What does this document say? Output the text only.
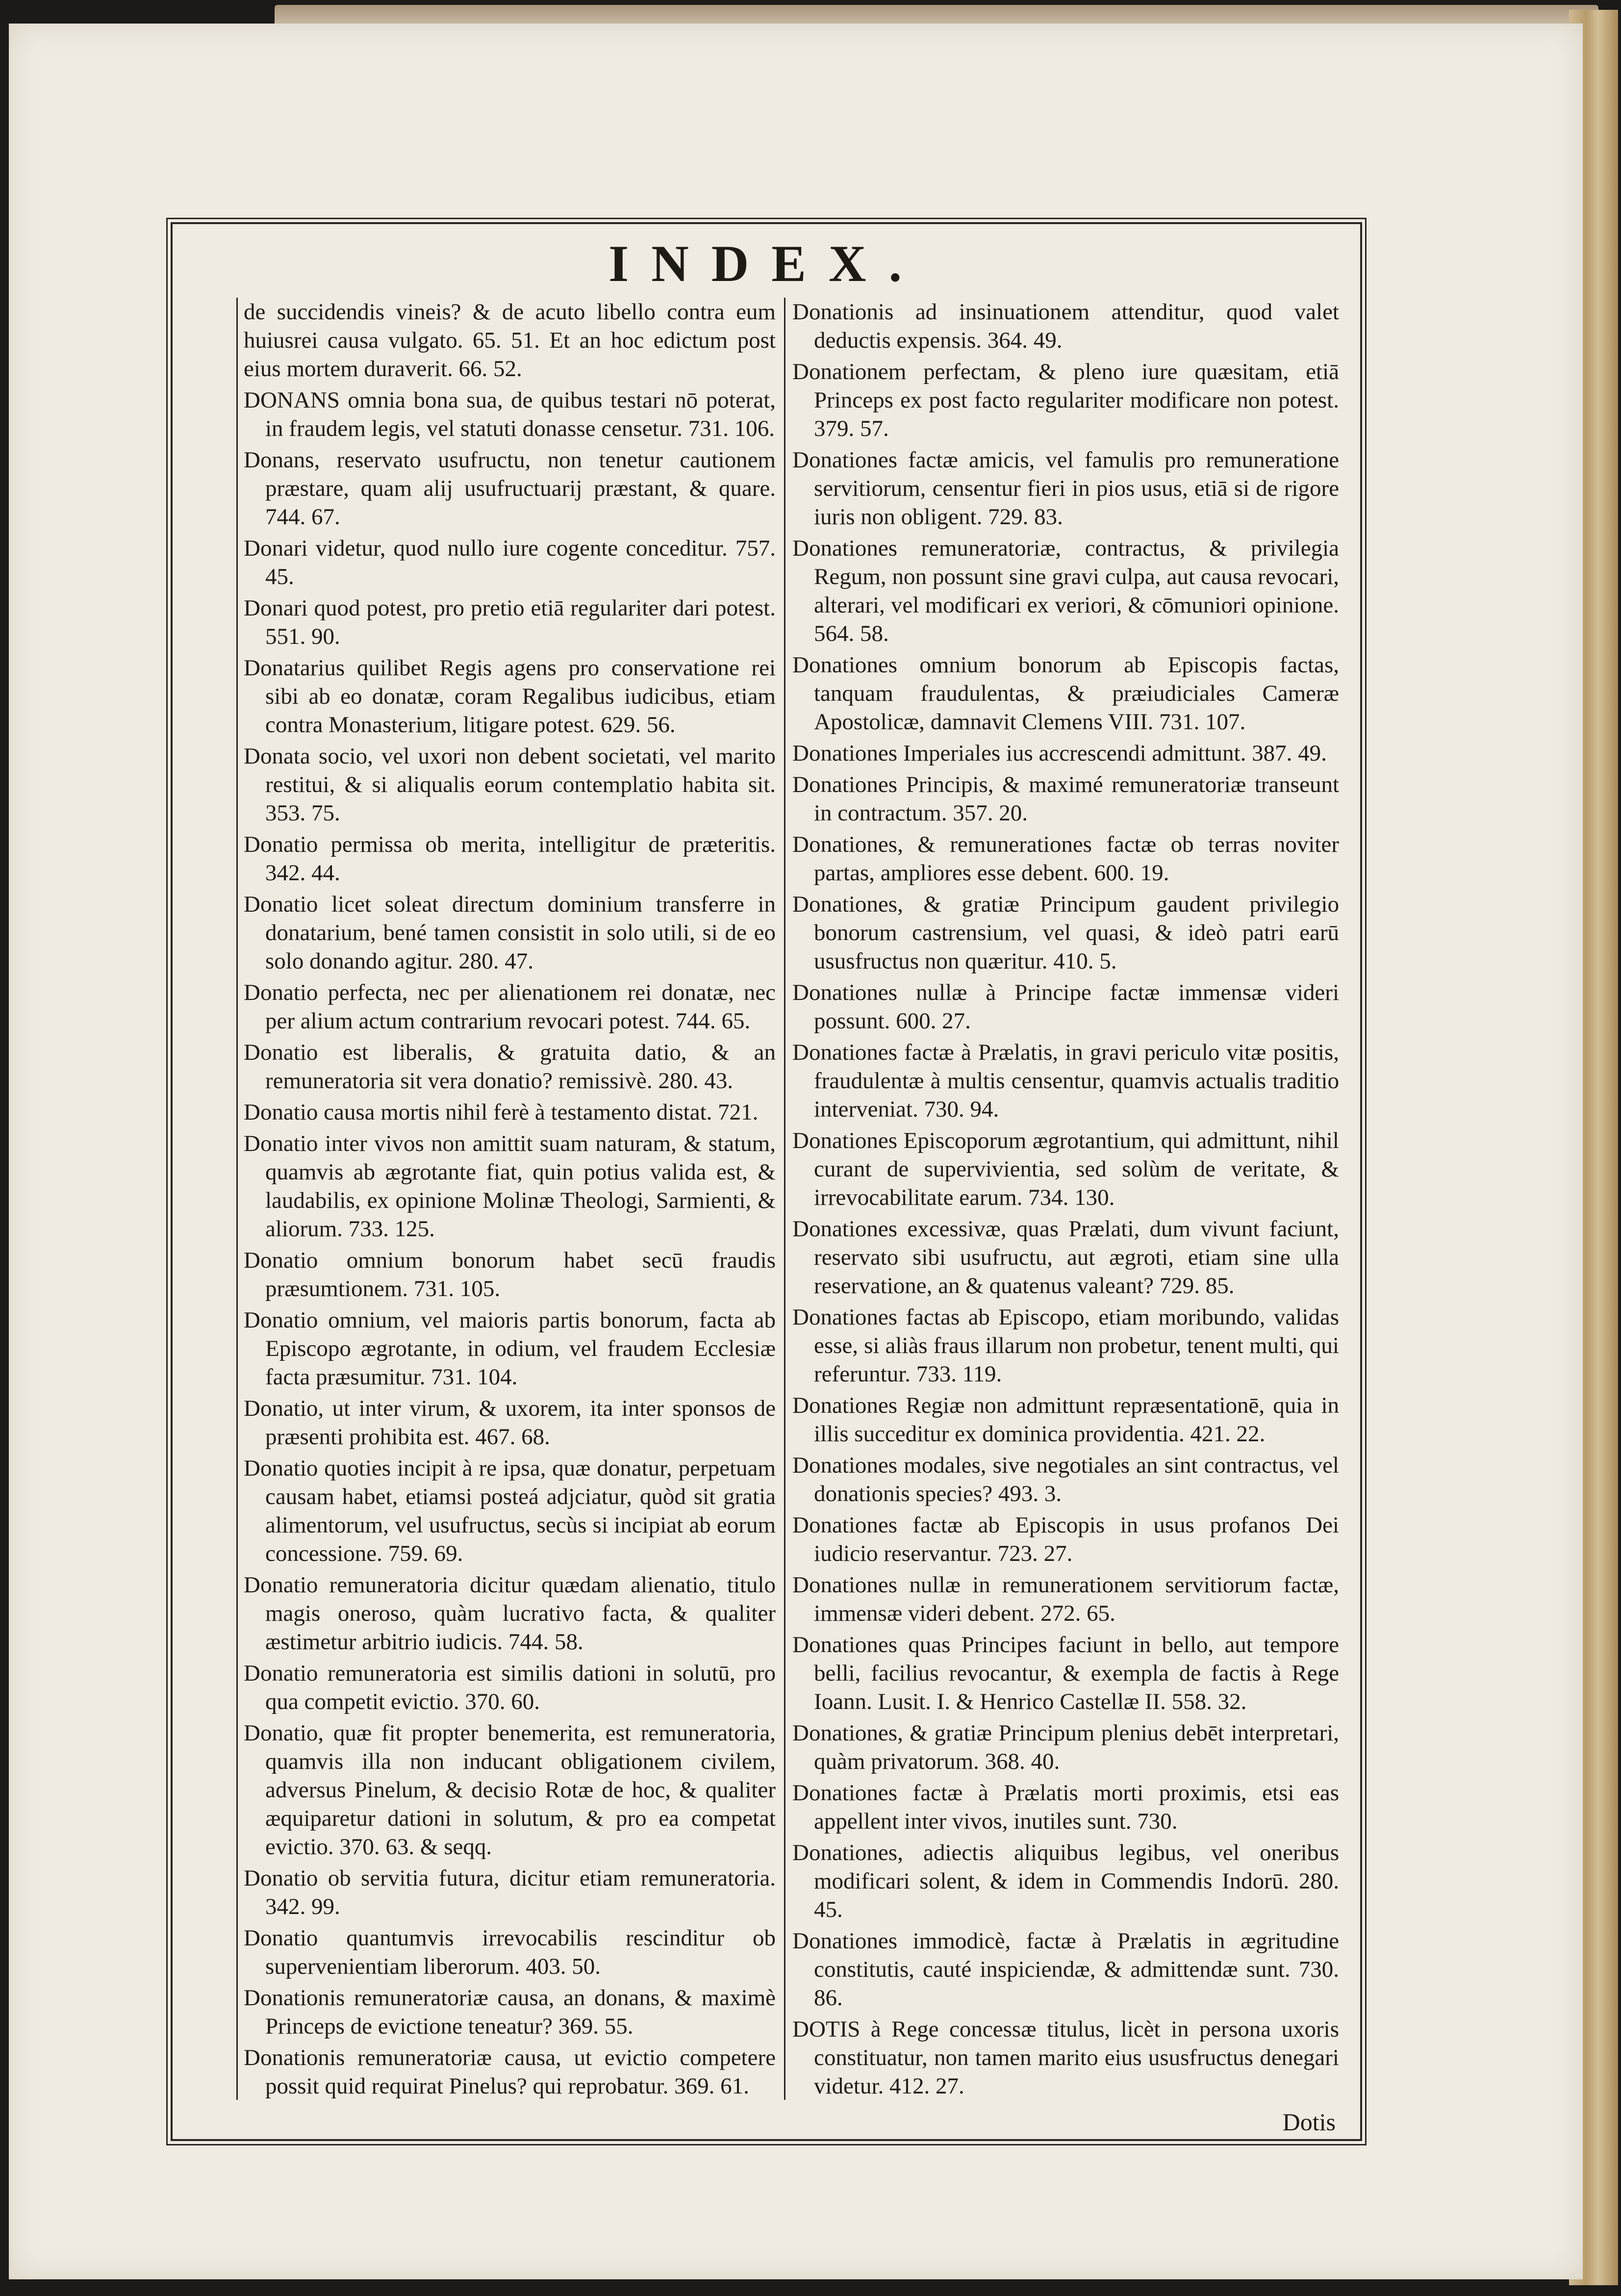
INDEX.
de succidendis vineis? & de acuto libello contra eum huiusrei causa vulgato. 65. 51. Et an hoc edictum post eius mortem duraverit. 66. 52.
DONANS omnia bona sua, de quibus testari nō poterat, in fraudem legis, vel statuti donasse censetur. 731. 106.
Donans, reservato usufructu, non tenetur cautionem præstare, quam alij usufructuarij præstant, & quare. 744. 67.
Donari videtur, quod nullo iure cogente conceditur. 757. 45.
Donari quod potest, pro pretio etiā regulariter dari potest. 551. 90.
Donatarius quilibet Regis agens pro conservatione rei sibi ab eo donatæ, coram Regalibus iudicibus, etiam contra Monasterium, litigare potest. 629. 56.
Donata socio, vel uxori non debent societati, vel marito restitui, & si aliqualis eorum contemplatio habita sit. 353. 75.
Donatio permissa ob merita, intelligitur de præteritis. 342. 44.
Donatio licet soleat directum dominium transferre in donatarium, bené tamen consistit in solo utili, si de eo solo donando agitur. 280. 47.
Donatio perfecta, nec per alienationem rei donatæ, nec per alium actum contrarium revocari potest. 744. 65.
Donatio est liberalis, & gratuita datio, & an remuneratoria sit vera donatio? remissivè. 280. 43.
Donatio causa mortis nihil ferè à testamento distat. 721.
Donatio inter vivos non amittit suam naturam, & statum, quamvis ab ægrotante fiat, quin potius valida est, & laudabilis, ex opinione Molinæ Theologi, Sarmienti, & aliorum. 733. 125.
Donatio omnium bonorum habet secū fraudis præsumtionem. 731. 105.
Donatio omnium, vel maioris partis bonorum, facta ab Episcopo ægrotante, in odium, vel fraudem Ecclesiæ facta præsumitur. 731. 104.
Donatio, ut inter virum, & uxorem, ita inter sponsos de præsenti prohibita est. 467. 68.
Donatio quoties incipit à re ipsa, quæ donatur, perpetuam causam habet, etiamsi posteá adjciatur, quòd sit gratia alimentorum, vel usufructus, secùs si incipiat ab eorum concessione. 759. 69.
Donatio remuneratoria dicitur quædam alienatio, titulo magis oneroso, quàm lucrativo facta, & qualiter æstimetur arbitrio iudicis. 744. 58.
Donatio remuneratoria est similis dationi in solutū, pro qua competit evictio. 370. 60.
Donatio, quæ fit propter benemerita, est remuneratoria, quamvis illa non inducant obligationem civilem, adversus Pinelum, & decisio Rotæ de hoc, & qualiter æquiparetur dationi in solutum, & pro ea competat evictio. 370. 63. & seqq.
Donatio ob servitia futura, dicitur etiam remuneratoria. 342. 99.
Donatio quantumvis irrevocabilis rescinditur ob supervenientiam liberorum. 403. 50.
Donationis remuneratoriæ causa, an donans, & maximè Princeps de evictione teneatur? 369. 55.
Donationis remuneratoriæ causa, ut evictio competere possit quid requirat Pinelus? qui reprobatur. 369. 61.
Donationis ad insinuationem attenditur, quod valet deductis expensis. 364. 49.
Donationem perfectam, & pleno iure quæsitam, etiā Princeps ex post facto regulariter modificare non potest. 379. 57.
Donationes factæ amicis, vel famulis pro remuneratione servitiorum, censentur fieri in pios usus, etiā si de rigore iuris non obligent. 729. 83.
Donationes remuneratoriæ, contractus, & privilegia Regum, non possunt sine gravi culpa, aut causa revocari, alterari, vel modificari ex veriori, & cōmuniori opinione. 564. 58.
Donationes omnium bonorum ab Episcopis factas, tanquam fraudulentas, & præiudiciales Cameræ Apostolicæ, damnavit Clemens VIII. 731. 107.
Donationes Imperiales ius accrescendi admittunt. 387. 49.
Donationes Principis, & maximé remuneratoriæ transeunt in contractum. 357. 20.
Donationes, & remunerationes factæ ob terras noviter partas, ampliores esse debent. 600. 19.
Donationes, & gratiæ Principum gaudent privilegio bonorum castrensium, vel quasi, & ideò patri earū ususfructus non quæritur. 410. 5.
Donationes nullæ à Principe factæ immensæ videri possunt. 600. 27.
Donationes factæ à Prælatis, in gravi periculo vitæ positis, fraudulentæ à multis censentur, quamvis actualis traditio interveniat. 730. 94.
Donationes Episcoporum ægrotantium, qui admittunt, nihil curant de supervivientia, sed solùm de veritate, & irrevocabilitate earum. 734. 130.
Donationes excessivæ, quas Prælati, dum vivunt faciunt, reservato sibi usufructu, aut ægroti, etiam sine ulla reservatione, an & quatenus valeant? 729. 85.
Donationes factas ab Episcopo, etiam moribundo, validas esse, si aliàs fraus illarum non probetur, tenent multi, qui referuntur. 733. 119.
Donationes Regiæ non admittunt repræsentationē, quia in illis succeditur ex dominica providentia. 421. 22.
Donationes modales, sive negotiales an sint contractus, vel donationis species? 493. 3.
Donationes factæ ab Episcopis in usus profanos Dei iudicio reservantur. 723. 27.
Donationes nullæ in remunerationem servitiorum factæ, immensæ videri debent. 272. 65.
Donationes quas Principes faciunt in bello, aut tempore belli, facilius revocantur, & exempla de factis à Rege Ioann. Lusit. I. & Henrico Castellæ II. 558. 32.
Donationes, & gratiæ Principum plenius debēt interpretari, quàm privatorum. 368. 40.
Donationes factæ à Prælatis morti proximis, etsi eas appellent inter vivos, inutiles sunt. 730.
Donationes, adiectis aliquibus legibus, vel oneribus modificari solent, & idem in Commendis Indorū. 280. 45.
Donationes immodicè, factæ à Prælatis in ægritudine constitutis, cauté inspiciendæ, & admittendæ sunt. 730. 86.
DOTIS à Rege concessæ titulus, licèt in persona uxoris constituatur, non tamen marito eius ususfructus denegari videtur. 412. 27.
Dotis
